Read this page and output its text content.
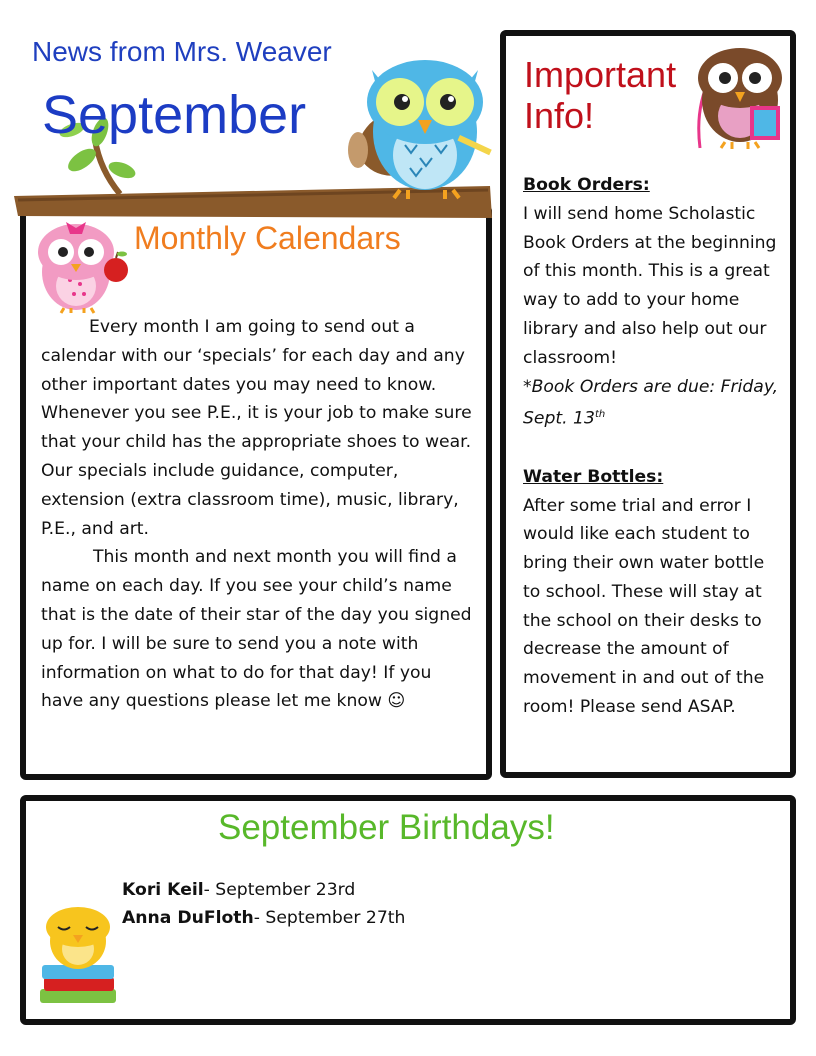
News from Mrs. Weaver
September
Monthly Calendars

Every month I am going to send out a calendar with our ‘specials’ for each day and any other important dates you may need to know. Whenever you see P.E., it is your job to make sure that your child has the appropriate shoes to wear. Our specials include guidance, computer, extension (extra classroom time), music, library, P.E., and art.

This month and next month you will find a name on each day. If you see your child’s name that is the date of their star of the day you signed up for. I will be sure to send you a note with information on what to do for that day! If you have any questions please let me know ☺

Important
Info!

Book Orders:

I will send home Scholastic Book Orders at the beginning of this month. This is a great way to add to your home library and also help out our classroom!

*Book Orders are due: Friday, Sept. 13th

Water Bottles:

After some trial and error I would like each student to bring their own water bottle to school. These will stay at the school on their desks to decrease the amount of movement in and out of the room! Please send ASAP.

September Birthdays!
Kori Keil- September 23rd
Anna DuFloth- September 27th
